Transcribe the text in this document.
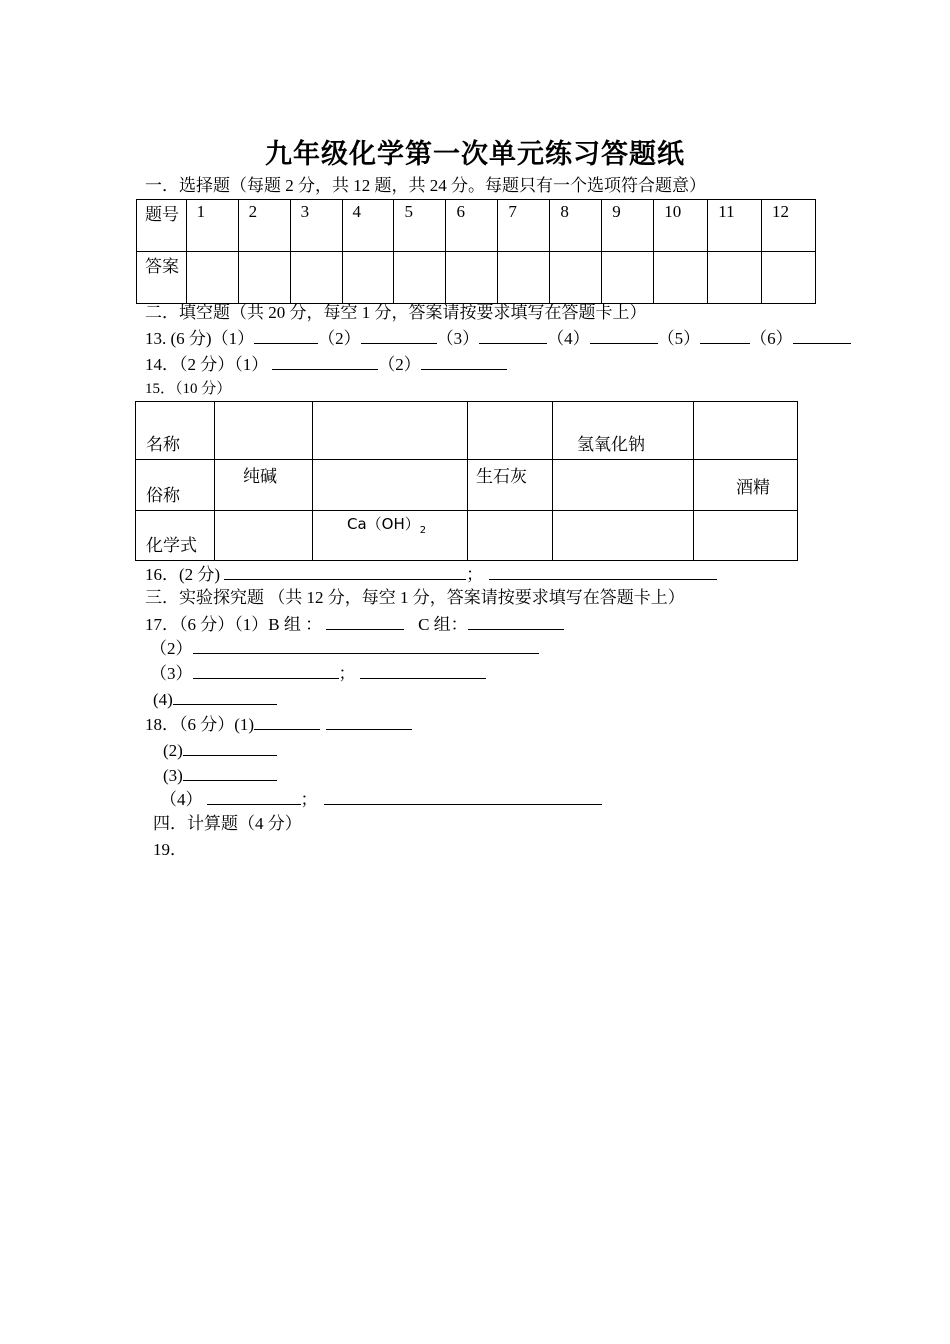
九年级化学第一次单元练习答题纸
一．选择题（每题 2 分，共 12 题，共 24 分。每题只有一个选项符合题意）
题号	1	2	3	4	5	6	7	8	9	10	11	12
答案												
二．填空题（共 20 分，每空 1 分，答案请按要求填写在答题卡上）
13. (6 分)（1）	（2）	（3）	（4）	（5）	（6）
14．（2 分）（1）	（2）
15．（10 分）
名称				氢氧化钠	
俗称	纯碱		生石灰		酒精
化学式		$Ca(OH)_2$			
16．(2 分)	；
三．实验探究题 （共 12 分，每空 1 分，答案请按要求填写在答题卡上）
17．（6 分）（1）B 组 ：	C 组：
（2）
（3）	；
(4)
18．（6 分）(1)
(2)
(3)
（4）	；
四．计算题（4 分）
19．
